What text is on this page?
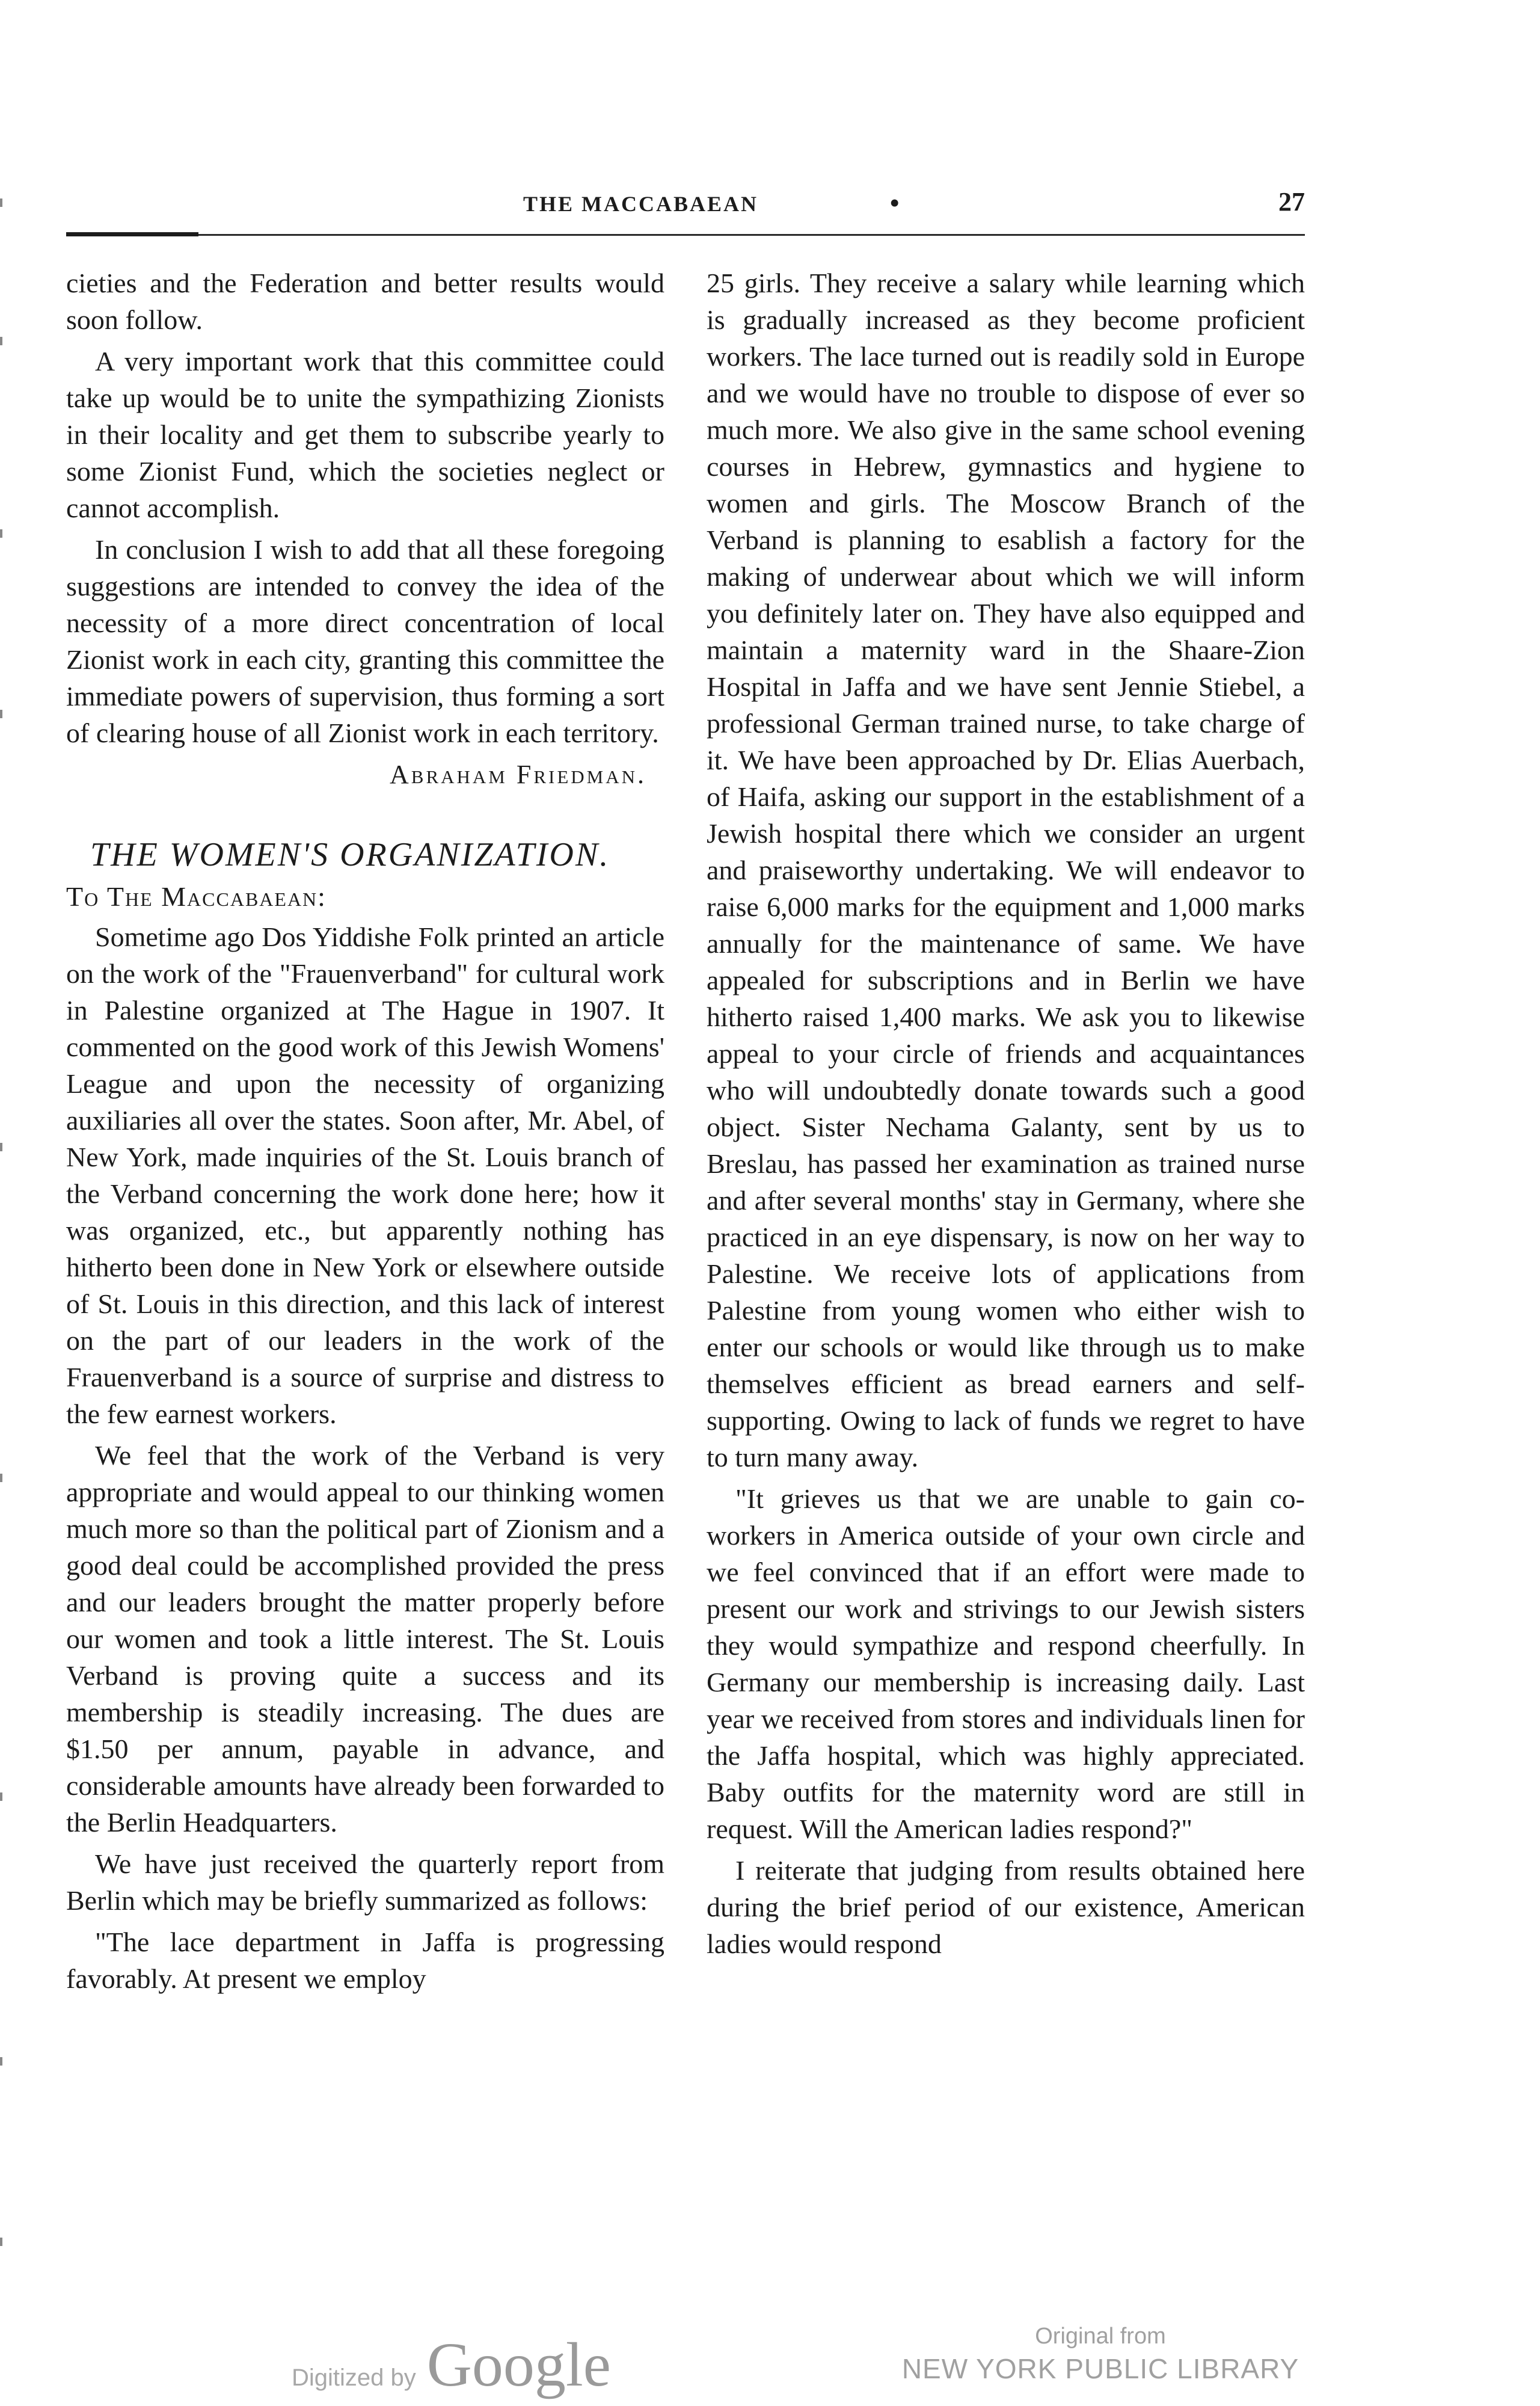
THE MACCABAEAN	•	27

cieties and the Federation and better results would soon follow.

A very important work that this committee could take up would be to unite the sympathizing Zionists in their locality and get them to subscribe yearly to some Zionist Fund, which the societies neglect or cannot accomplish.

In conclusion I wish to add that all these foregoing suggestions are intended to convey the idea of the necessity of a more direct concentration of local Zionist work in each city, granting this committee the immediate powers of supervision, thus forming a sort of clearing house of all Zionist work in each territory.

Abraham Friedman.
THE WOMEN'S ORGANIZATION.
To The Maccabaean:

Sometime ago Dos Yiddishe Folk printed an article on the work of the "Frauenverband" for cultural work in Palestine organized at The Hague in 1907. It commented on the good work of this Jewish Womens' League and upon the necessity of organizing auxiliaries all over the states. Soon after, Mr. Abel, of New York, made inquiries of the St. Louis branch of the Verband concerning the work done here; how it was organized, etc., but apparently nothing has hitherto been done in New York or elsewhere outside of St. Louis in this direction, and this lack of interest on the part of our leaders in the work of the Frauenverband is a source of surprise and distress to the few earnest workers.

We feel that the work of the Verband is very appropriate and would appeal to our thinking women much more so than the political part of Zionism and a good deal could be accomplished provided the press and our leaders brought the matter properly before our women and took a little interest. The St. Louis Verband is proving quite a success and its membership is steadily increasing. The dues are $1.50 per annum, payable in advance, and considerable amounts have already been forwarded to the Berlin Headquarters.

We have just received the quarterly report from Berlin which may be briefly summarized as follows:

"The lace department in Jaffa is progressing favorably. At present we employ

25 girls. They receive a salary while learning which is gradually increased as they become proficient workers. The lace turned out is readily sold in Europe and we would have no trouble to dispose of ever so much more. We also give in the same school evening courses in Hebrew, gymnastics and hygiene to women and girls. The Moscow Branch of the Verband is planning to esablish a factory for the making of underwear about which we will inform you definitely later on. They have also equipped and maintain a maternity ward in the Shaare-Zion Hospital in Jaffa and we have sent Jennie Stiebel, a professional German trained nurse, to take charge of it. We have been approached by Dr. Elias Auerbach, of Haifa, asking our support in the establishment of a Jewish hospital there which we consider an urgent and praiseworthy undertaking. We will endeavor to raise 6,000 marks for the equipment and 1,000 marks annually for the maintenance of same. We have appealed for subscriptions and in Berlin we have hitherto raised 1,400 marks. We ask you to likewise appeal to your circle of friends and acquaintances who will undoubtedly donate towards such a good object. Sister Nechama Galanty, sent by us to Breslau, has passed her examination as trained nurse and after several months' stay in Germany, where she practiced in an eye dispensary, is now on her way to Palestine. We receive lots of applications from Palestine from young women who either wish to enter our schools or would like through us to make themselves efficient as bread earners and self-supporting. Owing to lack of funds we regret to have to turn many away.

"It grieves us that we are unable to gain co-workers in America outside of your own circle and we feel convinced that if an effort were made to present our work and strivings to our Jewish sisters they would sympathize and respond cheerfully. In Germany our membership is increasing daily. Last year we received from stores and individuals linen for the Jaffa hospital, which was highly appreciated. Baby outfits for the maternity word are still in request. Will the American ladies respond?"

I reiterate that judging from results obtained here during the brief period of our existence, American ladies would respond

Digitized by Google	Original from
NEW YORK PUBLIC LIBRARY
